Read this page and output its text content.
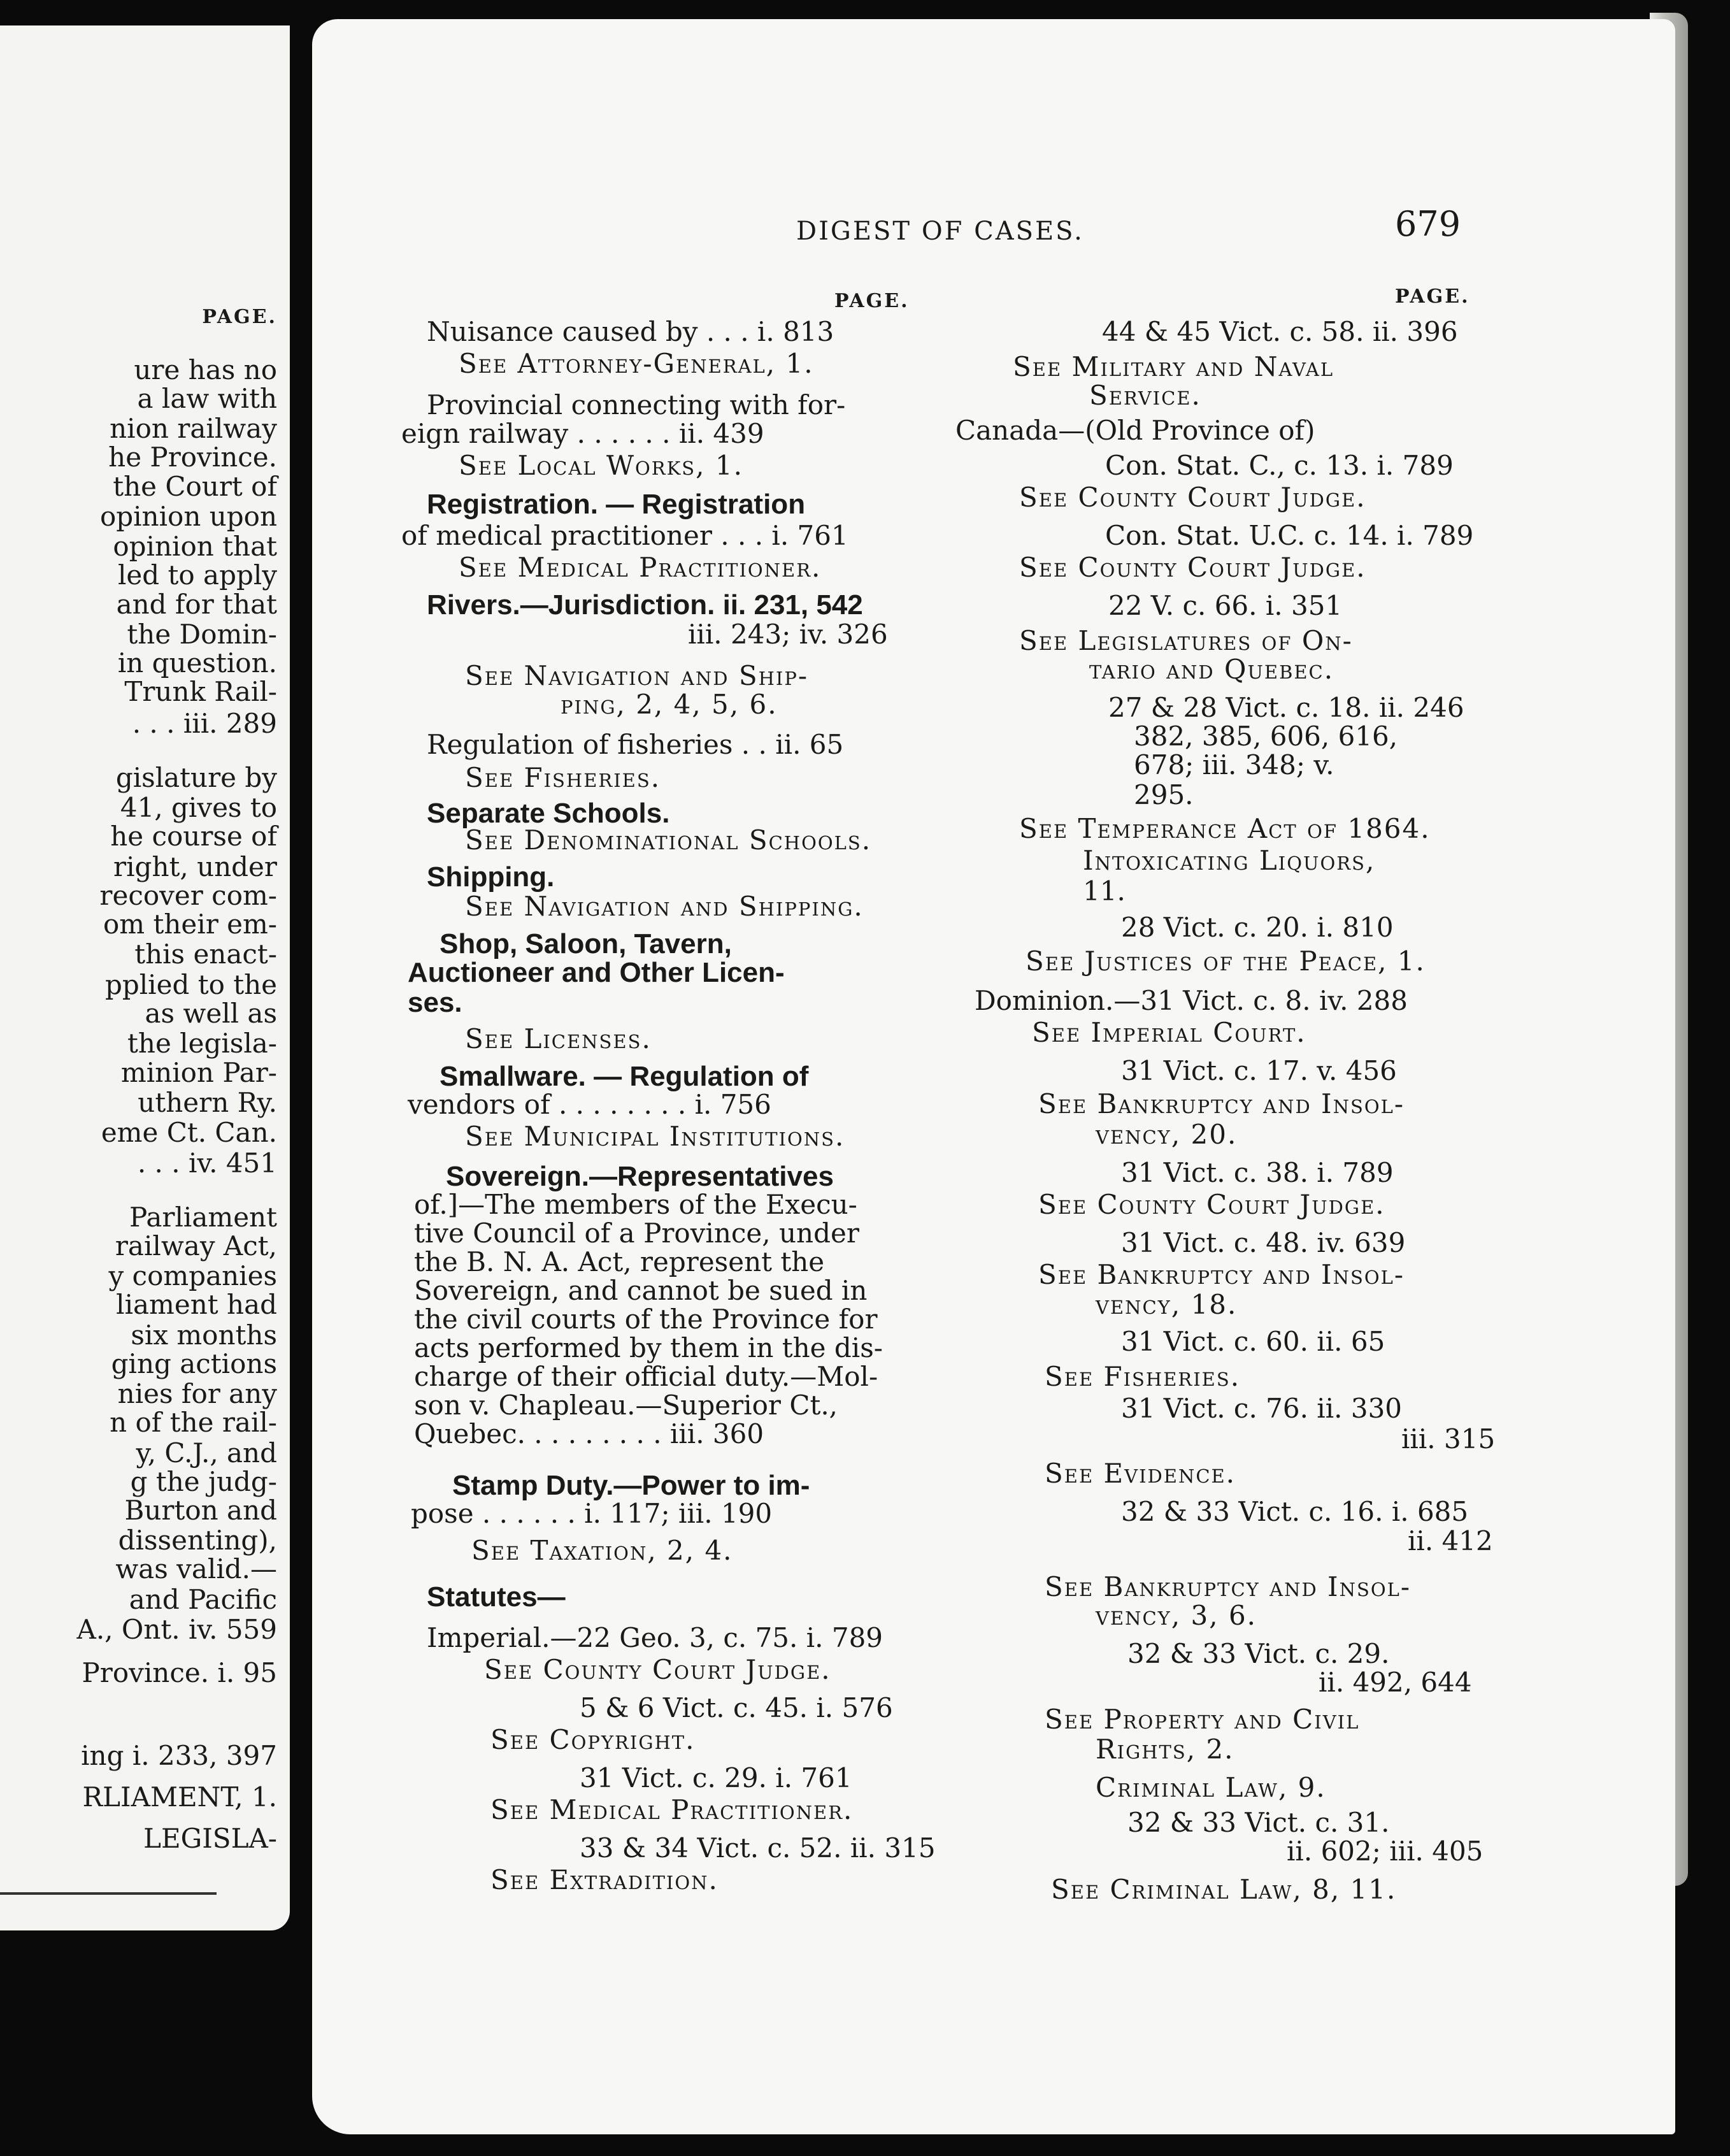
PAGE.
ure has no
a law with
nion railway
he Province.
the Court of
opinion upon
opinion that
led to apply
and for that
the Domin-
in question.
Trunk Rail-
. . . iii. 289
gislature by
41, gives to
he course of
right, under
recover com-
om their em-
this enact-
pplied to the
as well as
the legisla-
minion Par-
uthern Ry.
eme Ct. Can.
. . . iv. 451
Parliament
railway Act,
y companies
liament had
six months
ging actions
nies for any
n of the rail-
y, C.J., and
g the judg-
Burton and
dissenting),
was valid.—
and Pacific
A., Ont. iv. 559
Province. i. 95
ing i. 233, 397
RLIAMENT, 1.
LEGISLA-
DIGEST OF CASES.	679
PAGE.	PAGE.
Nuisance caused by . . . i. 813
See Attorney-General, 1.
Provincial connecting with for-
eign railway . . . . . . ii. 439
See Local Works, 1.
Registration. — Registration
of medical practitioner . . . i. 761
See Medical Practitioner.
Rivers.—Jurisdiction. ii. 231, 542
iii. 243; iv. 326
See Navigation and Ship-
ping, 2, 4, 5, 6.
Regulation of fisheries . . ii. 65
See Fisheries.
Separate Schools.
See Denominational Schools.
Shipping.
See Navigation and Shipping.
Shop, Saloon, Tavern,
Auctioneer and Other Licen-
ses.
See Licenses.
Smallware. — Regulation of
vendors of . . . . . . . . i. 756
See Municipal Institutions.
Sovereign.—Representatives
of.]—The members of the Execu-
tive Council of a Province, under
the B. N. A. Act, represent the
Sovereign, and cannot be sued in
the civil courts of the Province for
acts performed by them in the dis-
charge of their official duty.—Mol-
son v. Chapleau.—Superior Ct.,
Quebec. . . . . . . . . iii. 360
Stamp Duty.—Power to im-
pose . . . . . . i. 117; iii. 190
See Taxation, 2, 4.
Statutes—
Imperial.—22 Geo. 3, c. 75. i. 789
See County Court Judge.
5 & 6 Vict. c. 45. i. 576
See Copyright.
31 Vict. c. 29. i. 761
See Medical Practitioner.
33 & 34 Vict. c. 52. ii. 315
See Extradition.
44 & 45 Vict. c. 58. ii. 396
See Military and Naval
Service.
Canada—(Old Province of)
Con. Stat. C., c. 13. i. 789
See County Court Judge.
Con. Stat. U.C. c. 14. i. 789
See County Court Judge.
22 V. c. 66. i. 351
See Legislatures of On-
tario and Quebec.
27 & 28 Vict. c. 18. ii. 246
382, 385, 606, 616,
678; iii. 348; v.
295.
See Temperance Act of 1864.
Intoxicating Liquors,
11.
28 Vict. c. 20. i. 810
See Justices of the Peace, 1.
Dominion.—31 Vict. c. 8. iv. 288
See Imperial Court.
31 Vict. c. 17. v. 456
See Bankruptcy and Insol-
vency, 20.
31 Vict. c. 38. i. 789
See County Court Judge.
31 Vict. c. 48. iv. 639
See Bankruptcy and Insol-
vency, 18.
31 Vict. c. 60. ii. 65
See Fisheries.
31 Vict. c. 76. ii. 330
iii. 315
See Evidence.
32 & 33 Vict. c. 16. i. 685
ii. 412
See Bankruptcy and Insol-
vency, 3, 6.
32 & 33 Vict. c. 29.
ii. 492, 644
See Property and Civil
Rights, 2.
Criminal Law, 9.
32 & 33 Vict. c. 31.
ii. 602; iii. 405
See Criminal Law, 8, 11.
